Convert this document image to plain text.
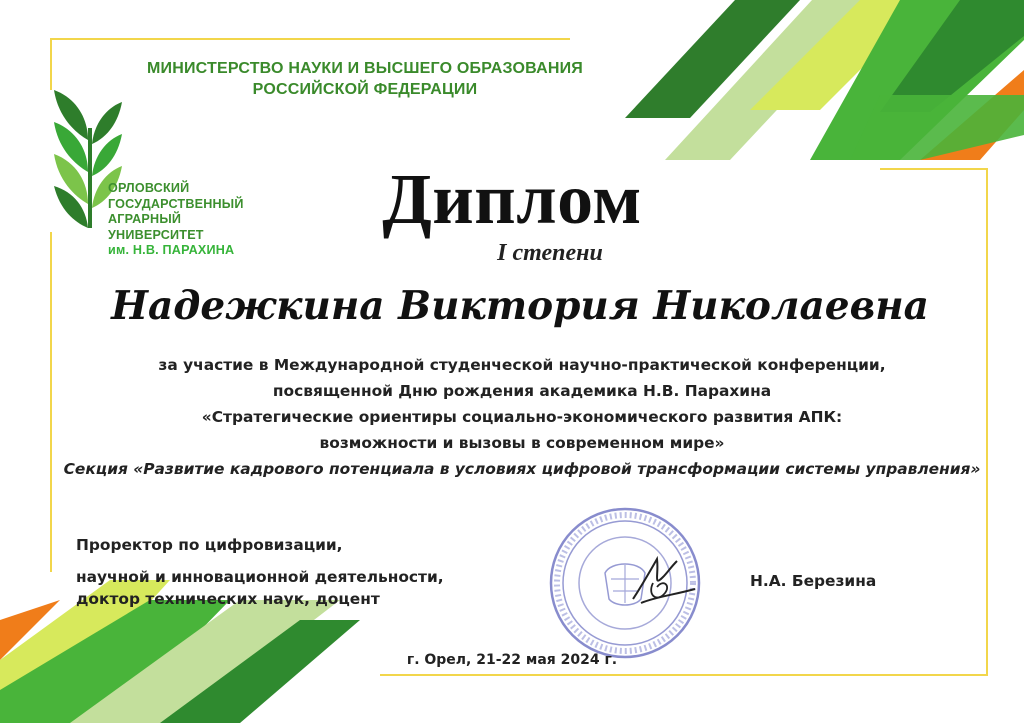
МИНИСТЕРСТВО НАУКИ И ВЫСШЕГО ОБРАЗОВАНИЯ
РОССИЙСКОЙ ФЕДЕРАЦИИ
ОРЛОВСКИЙ
ГОСУДАРСТВЕННЫЙ
АГРАРНЫЙ
УНИВЕРСИТЕТ
им. Н.В. ПАРАХИНА
Диплом
I степени
Надежкина Виктория Николаевна
за участие в Международной студенческой научно-практической конференции,
посвященной Дню рождения академика Н.В. Парахина
«Стратегические ориентиры социально-экономического развития АПК:
возможности и вызовы в современном мире»
Секция «Развитие кадрового потенциала в условиях цифровой трансформации системы управления»
Проректор по цифровизации,
научной и инновационной деятельности,
доктор технических наук, доцент
Н.А. Березина
г. Орел, 21-22 мая 2024 г.
